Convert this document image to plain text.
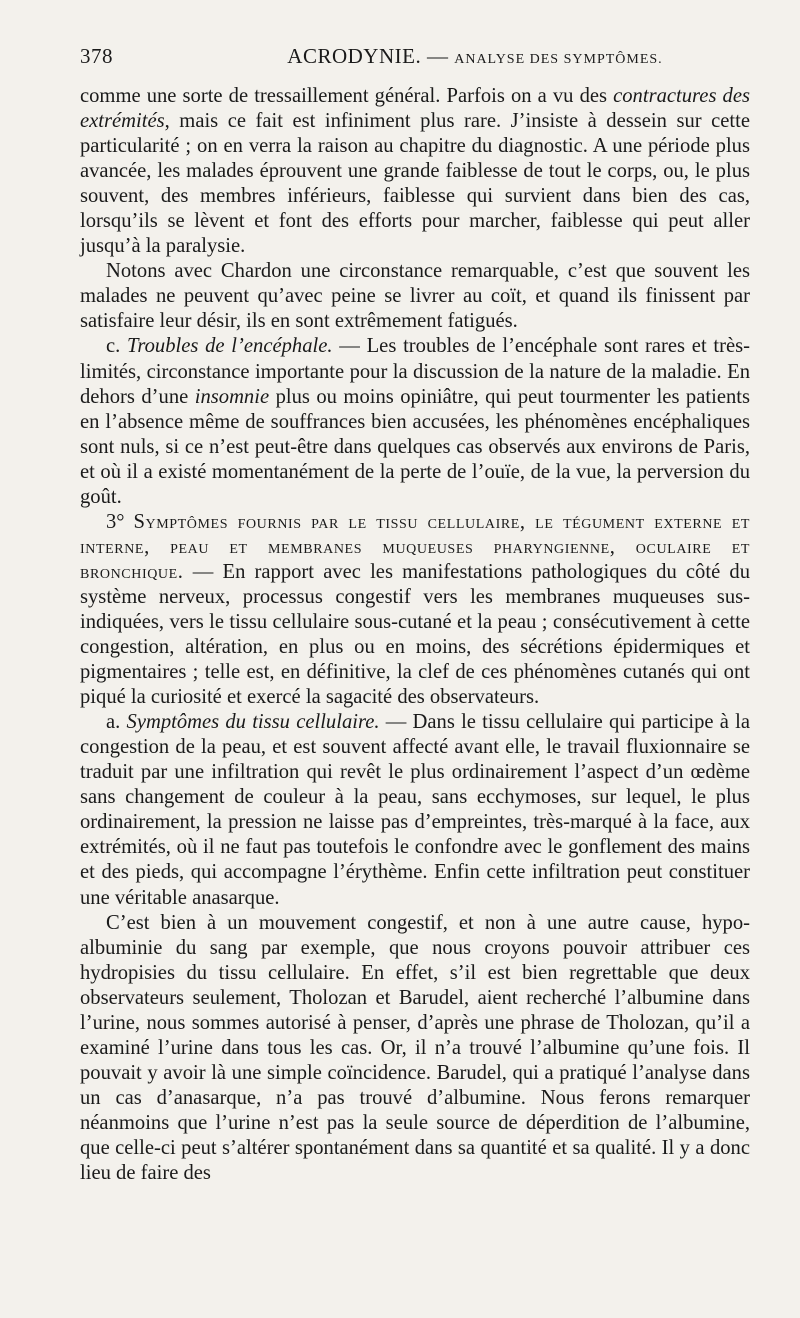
378	ACRODYNIE. — ANALYSE DES SYMPTÔMES.

comme une sorte de tressaillement général. Parfois on a vu des contractures des extrémités, mais ce fait est infiniment plus rare. J’insiste à dessein sur cette particularité ; on en verra la raison au chapitre du diagnostic. A une période plus avancée, les malades éprouvent une grande faiblesse de tout le corps, ou, le plus souvent, des membres inférieurs, faiblesse qui survient dans bien des cas, lorsqu’ils se lèvent et font des efforts pour marcher, faiblesse qui peut aller jusqu’à la paralysie.

Notons avec Chardon une circonstance remarquable, c’est que souvent les malades ne peuvent qu’avec peine se livrer au coït, et quand ils finissent par satisfaire leur désir, ils en sont extrêmement fatigués.

c. Troubles de l’encéphale. — Les troubles de l’encéphale sont rares et très-limités, circonstance importante pour la discussion de la nature de la maladie. En dehors d’une insomnie plus ou moins opiniâtre, qui peut tourmenter les patients en l’absence même de souffrances bien accusées, les phénomènes encéphaliques sont nuls, si ce n’est peut-être dans quelques cas observés aux environs de Paris, et où il a existé momentanément de la perte de l’ouïe, de la vue, la perversion du goût.

3° Symptômes fournis par le tissu cellulaire, le tégument externe et interne, peau et membranes muqueuses pharyngienne, oculaire et bronchique. — En rapport avec les manifestations pathologiques du côté du système nerveux, processus congestif vers les membranes muqueuses sus-indiquées, vers le tissu cellulaire sous-cutané et la peau ; consécutivement à cette congestion, altération, en plus ou en moins, des sécrétions épidermiques et pigmentaires ; telle est, en définitive, la clef de ces phénomènes cutanés qui ont piqué la curiosité et exercé la sagacité des observateurs.

a. Symptômes du tissu cellulaire. — Dans le tissu cellulaire qui participe à la congestion de la peau, et est souvent affecté avant elle, le travail fluxionnaire se traduit par une infiltration qui revêt le plus ordinairement l’aspect d’un œdème sans changement de couleur à la peau, sans ecchymoses, sur lequel, le plus ordinairement, la pression ne laisse pas d’empreintes, très-marqué à la face, aux extrémités, où il ne faut pas toutefois le confondre avec le gonflement des mains et des pieds, qui accompagne l’érythème. Enfin cette infiltration peut constituer une véritable anasarque.

C’est bien à un mouvement congestif, et non à une autre cause, hypo-albuminie du sang par exemple, que nous croyons pouvoir attribuer ces hydropisies du tissu cellulaire. En effet, s’il est bien regrettable que deux observateurs seulement, Tholozan et Barudel, aient recherché l’albumine dans l’urine, nous sommes autorisé à penser, d’après une phrase de Tholozan, qu’il a examiné l’urine dans tous les cas. Or, il n’a trouvé l’albumine qu’une fois. Il pouvait y avoir là une simple coïncidence. Barudel, qui a pratiqué l’analyse dans un cas d’anasarque, n’a pas trouvé d’albumine. Nous ferons remarquer néanmoins que l’urine n’est pas la seule source de déperdition de l’albumine, que celle-ci peut s’altérer spontanément dans sa quantité et sa qualité. Il y a donc lieu de faire des
